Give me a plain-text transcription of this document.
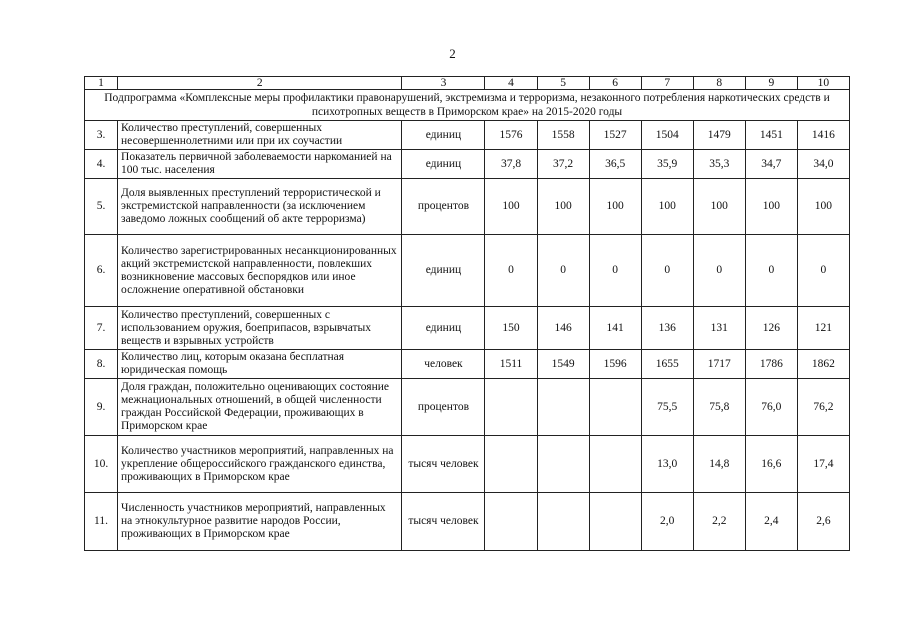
2
1	2	3	4	5	6	7	8	9	10
Подпрограмма «Комплексные меры профилактики правонарушений, экстремизма и терроризма, незаконного потребления наркотических средств и психотропных веществ в Приморском крае» на 2015-2020 годы									
3.	Количество преступлений, совершенных несовершеннолетними или при их соучастии	единиц	1576	1558	1527	1504	1479	1451	1416
4.	Показатель первичной заболеваемости наркоманией на 100 тыс. населения	единиц	37,8	37,2	36,5	35,9	35,3	34,7	34,0
5.	Доля выявленных преступлений террористической и экстремистской направленности (за исключением заведомо ложных сообщений об акте терроризма)	процентов	100	100	100	100	100	100	100
6.	Количество зарегистрированных несанкционированных акций экстремистской направленности, повлекших возникновение массовых беспорядков или иное осложнение оперативной обстановки	единиц	0	0	0	0	0	0	0
7.	Количество преступлений, совершенных с использованием оружия, боеприпасов, взрывчатых веществ и взрывных устройств	единиц	150	146	141	136	131	126	121
8.	Количество лиц, которым оказана бесплатная юридическая помощь	человек	1511	1549	1596	1655	1717	1786	1862
9.	Доля граждан, положительно оценивающих состояние межнациональных отношений, в общей численности граждан Российской Федерации, проживающих в Приморском крае	процентов				75,5	75,8	76,0	76,2
10.	Количество участников мероприятий, направленных на укрепление общероссийского гражданского единства, проживающих в Приморском крае	тысяч человек				13,0	14,8	16,6	17,4
11.	Численность участников мероприятий, направленных на этнокультурное развитие народов России, проживающих в Приморском крае	тысяч человек				2,0	2,2	2,4	2,6
